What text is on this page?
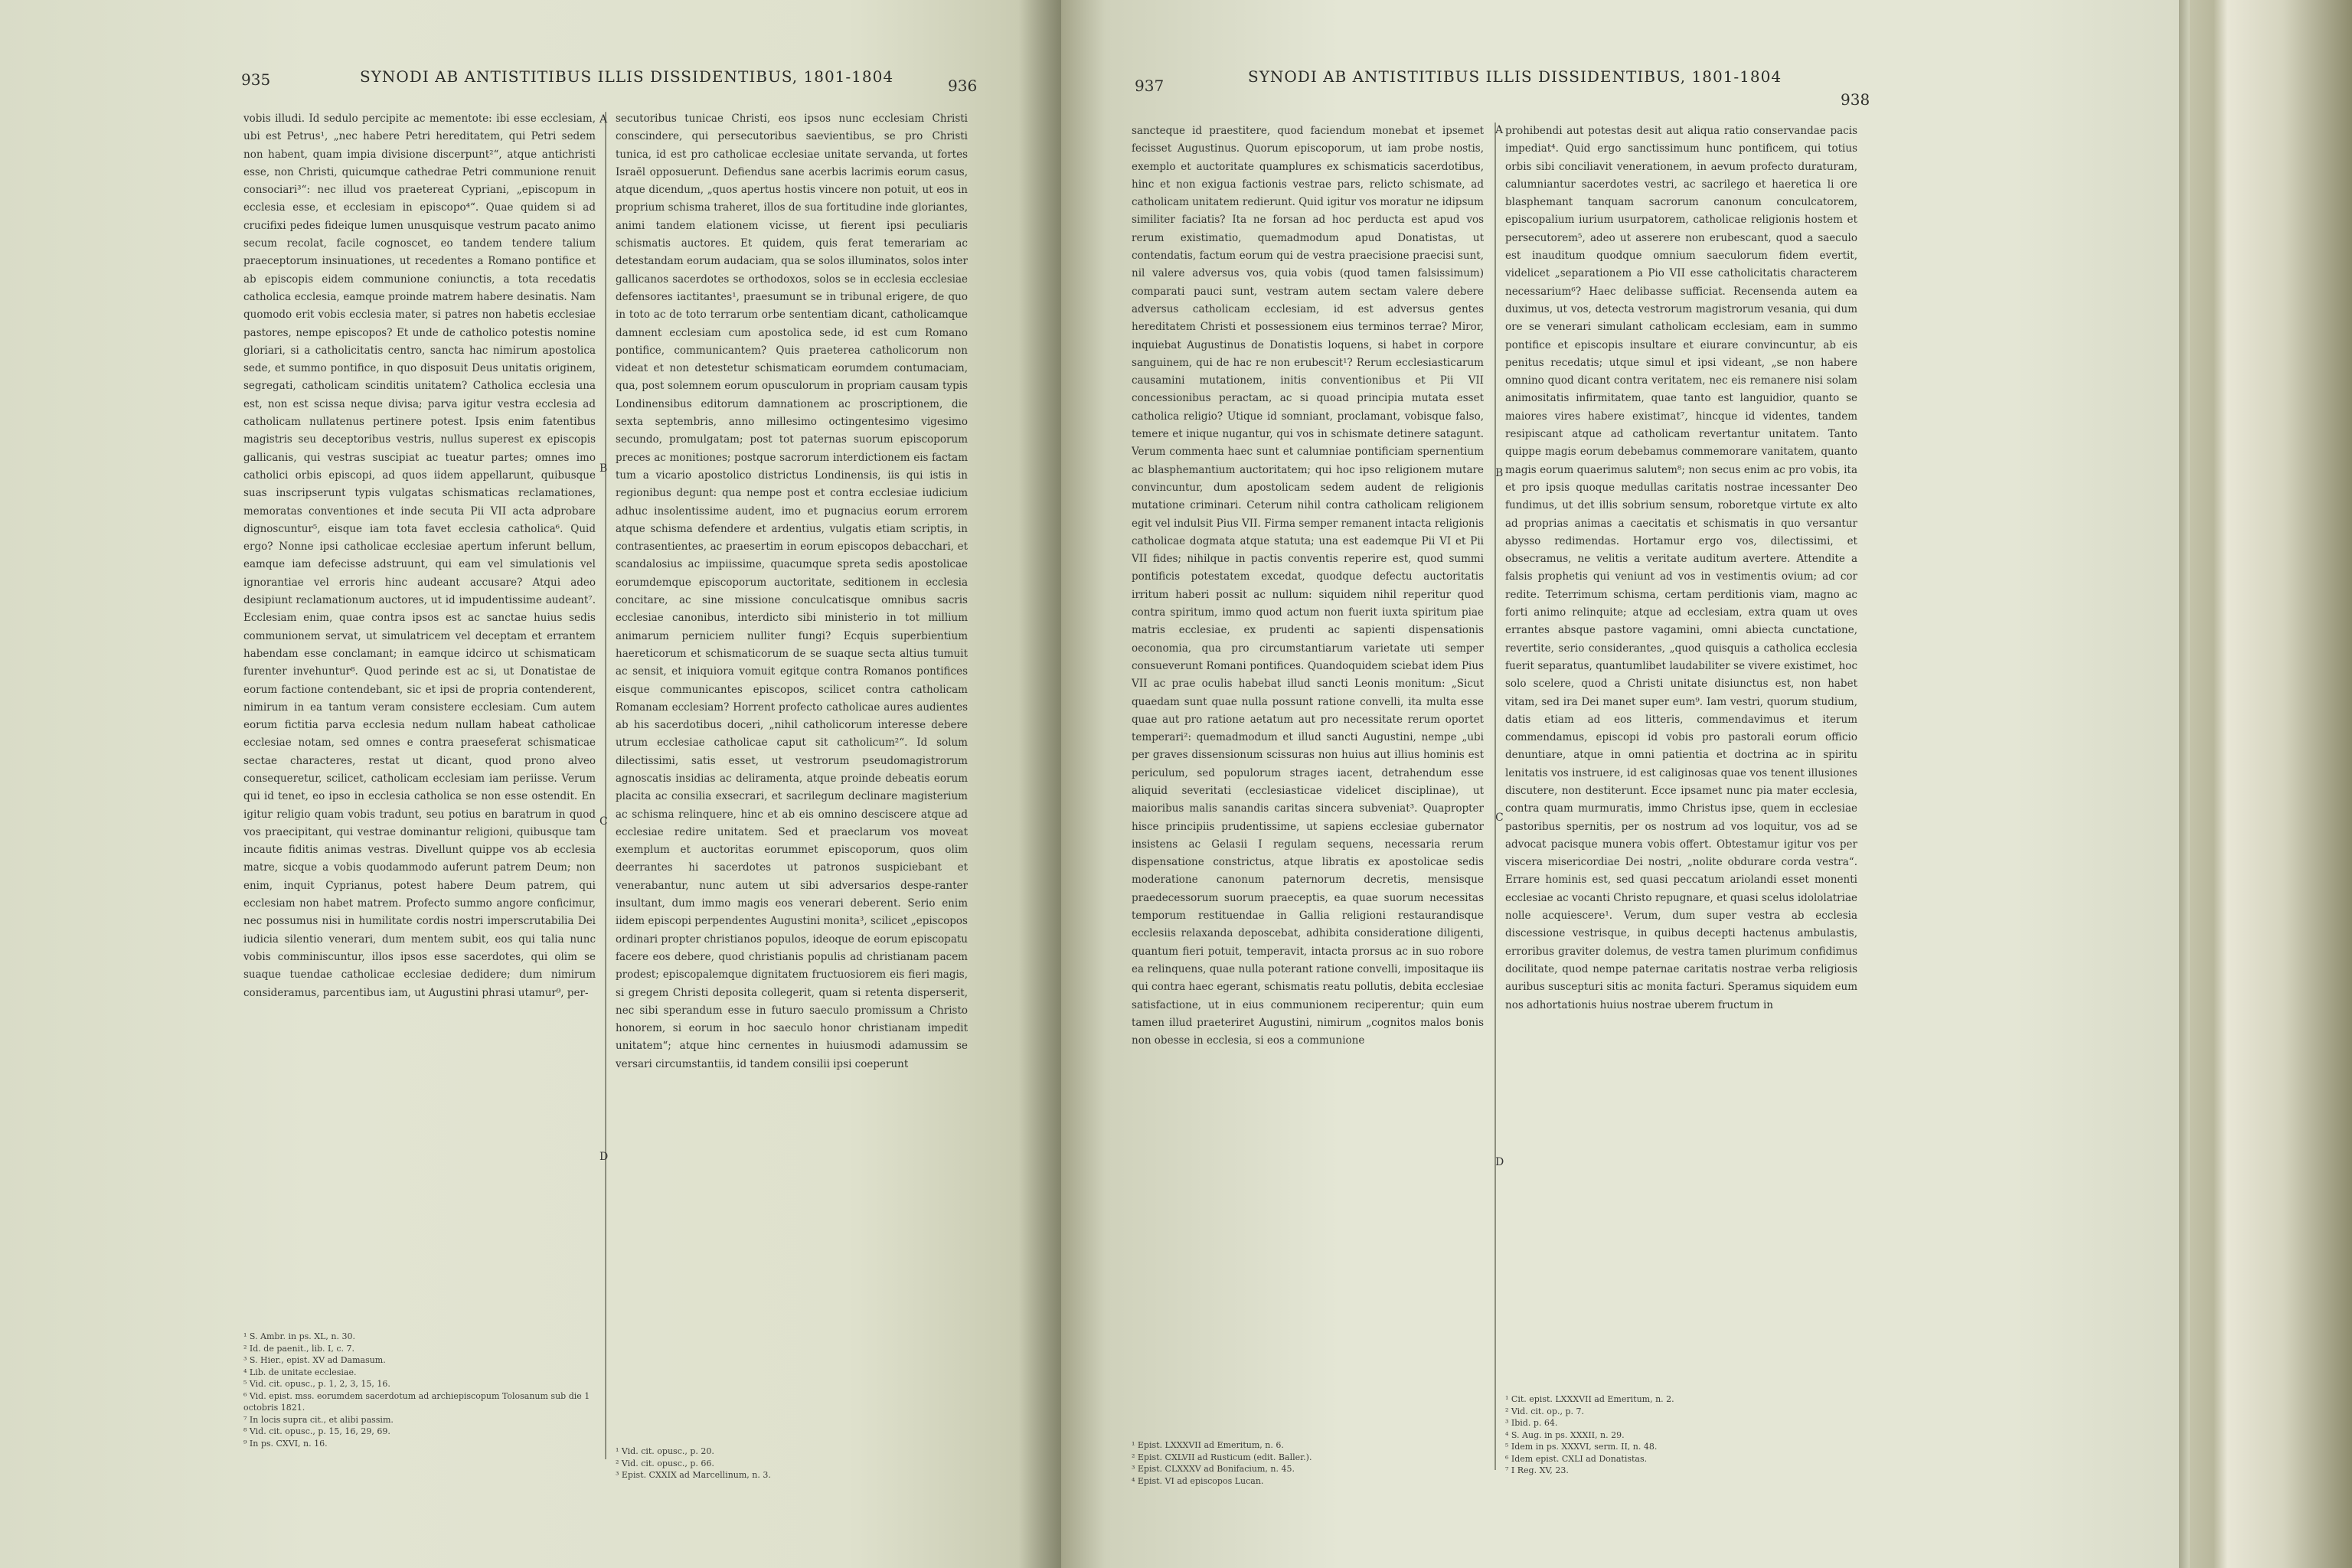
935	SYNODI AB ANTISTITIBUS ILLIS DISSIDENTIBUS, 1801-1804	936
vobis illudi. Id sedulo percipite ac mementote: ibi esse ecclesiam, ubi est Petrus¹, „nec habere Petri hereditatem, qui Petri sedem non habent, quam impia divisione discerpunt²“, atque antichristi esse, non Christi, quicumque cathedrae Petri communione renuit consociari³“: nec illud vos praetereat Cypriani, „episcopum in ecclesia esse, et ecclesiam in episcopo⁴“. Quae quidem si ad crucifixi pedes fideique lumen unusquisque vestrum pacato animo secum recolat, facile cognoscet, eo tandem tendere talium praeceptorum insinuationes, ut recedentes a Romano pontifice et ab episcopis eidem communione coniunctis, a tota recedatis catholica ecclesia, eamque proinde matrem habere desinatis. Nam quomodo erit vobis ecclesia mater, si patres non habetis ecclesiae pastores, nempe episcopos? Et unde de catholico potestis nomine gloriari, si a catholicitatis centro, sancta hac nimirum apostolica sede, et summo pontifice, in quo disposuit Deus unitatis originem, segregati, catholicam scinditis unitatem? Catholica ecclesia una est, non est scissa neque divisa; parva igitur vestra ecclesia ad catholicam nullatenus pertinere potest. Ipsis enim fatentibus magistris seu deceptoribus vestris, nullus superest ex episcopis gallicanis, qui vestras suscipiat ac tueatur partes; omnes imo catholici orbis episcopi, ad quos iidem appellarunt, quibusque suas inscripserunt typis vulgatas schismaticas reclamationes, memoratas conventiones et inde secuta Pii VII acta adprobare dignoscuntur⁵, eisque iam tota favet ecclesia catholica⁶. Quid ergo? Nonne ipsi catholicae ecclesiae apertum inferunt bellum, eamque iam defecisse adstruunt, qui eam vel simulationis vel ignorantiae vel erroris hinc audeant accusare? Atqui adeo desipiunt reclamationum auctores, ut id impudentissime audeant⁷. Ecclesiam enim, quae contra ipsos est ac sanctae huius sedis communionem servat, ut simulatricem vel deceptam et errantem habendam esse conclamant; in eamque idcirco ut schismaticam furenter invehuntur⁸. Quod perinde est ac si, ut Donatistae de eorum factione contendebant, sic et ipsi de propria contenderent, nimirum in ea tantum veram consistere ecclesiam. Cum autem eorum fictitia parva ecclesia nedum nullam habeat catholicae ecclesiae notam, sed omnes e contra praeseferat schismaticae sectae characteres, restat ut dicant, quod prono alveo consequeretur, scilicet, catholicam ecclesiam iam periisse. Verum qui id tenet, eo ipso in ecclesia catholica se non esse ostendit. En igitur religio quam vobis tradunt, seu potius en baratrum in quod vos praecipitant, qui vestrae dominantur religioni, quibusque tam incaute fiditis animas vestras. Divellunt quippe vos ab ecclesia matre, sicque a vobis quodammodo auferunt patrem Deum; non enim, inquit Cyprianus, potest habere Deum patrem, qui ecclesiam non habet matrem. Profecto summo angore conficimur, nec possumus nisi in humilitate cordis nostri imperscrutabilia Dei iudicia silentio venerari, dum mentem subit, eos qui talia nunc vobis comminiscuntur, illos ipsos esse sacerdotes, qui olim se suaque tuendae catholicae ecclesiae dedidere; dum nimirum consideramus, parcentibus iam, ut Augustini phrasi utamur⁹, per-
secutoribus tunicae Christi, eos ipsos nunc ecclesiam Christi conscindere, qui persecutoribus saevientibus, se pro Christi tunica, id est pro catholicae ecclesiae unitate servanda, ut fortes Israël opposuerunt. Defiendus sane acerbis lacrimis eorum casus, atque dicendum, „quos apertus hostis vincere non potuit, ut eos in proprium schisma traheret, illos de sua fortitudine inde gloriantes, animi tandem elationem vicisse, ut fierent ipsi peculiaris schismatis auctores. Et quidem, quis ferat temerariam ac detestandam eorum audaciam, qua se solos illuminatos, solos inter gallicanos sacerdotes se orthodoxos, solos se in ecclesia ecclesiae defensores iactitantes¹, praesumunt se in tribunal erigere, de quo in toto ac de toto terrarum orbe sententiam dicant, catholicamque damnent ecclesiam cum apostolica sede, id est cum Romano pontifice, communicantem? Quis praeterea catholicorum non videat et non detestetur schismaticam eorumdem contumaciam, qua, post solemnem eorum opusculorum in propriam causam typis Londinensibus editorum damnationem ac proscriptionem, die sexta septembris, anno millesimo octingentesimo vigesimo secundo, promulgatam; post tot paternas suorum episcoporum preces ac monitiones; postque sacrorum interdictionem eis factam tum a vicario apostolico districtus Londinensis, iis qui istis in regionibus degunt: qua nempe post et contra ecclesiae iudicium adhuc insolentissime audent, imo et pugnacius eorum errorem atque schisma defendere et ardentius, vulgatis etiam scriptis, in contrasentientes, ac praesertim in eorum episcopos debacchari, et scandalosius ac impiissime, quacumque spreta sedis apostolicae eorumdemque episcoporum auctoritate, seditionem in ecclesia concitare, ac sine missione conculcatisque omnibus sacris ecclesiae canonibus, interdicto sibi ministerio in tot millium animarum perniciem nulliter fungi? Ecquis superbientium haereticorum et schismaticorum de se suaque secta altius tumuit ac sensit, et iniquiora vomuit egitque contra Romanos pontifices eisque communicantes episcopos, scilicet contra catholicam Romanam ecclesiam? Horrent profecto catholicae aures audientes ab his sacerdotibus doceri, „nihil catholicorum interesse debere utrum ecclesiae catholicae caput sit catholicum²“. Id solum dilectissimi, satis esset, ut vestrorum pseudomagistrorum agnoscatis insidias ac deliramenta, atque proinde debeatis eorum placita ac consilia exsecrari, et sacrilegum declinare magisterium ac schisma relinquere, hinc et ab eis omnino desciscere atque ad ecclesiae redire unitatem. Sed et praeclarum vos moveat exemplum et auctoritas eorummet episcoporum, quos olim deerrantes hi sacerdotes ut patronos suspiciebant et venerabantur, nunc autem ut sibi adversarios despe-ranter insultant, dum immo magis eos venerari deberent. Serio enim iidem episcopi perpendentes Augustini monita³, scilicet „episcopos ordinari propter christianos populos, ideoque de eorum episcopatu facere eos debere, quod christianis populis ad christianam pacem prodest; episcopalemque dignitatem fructuosiorem eis fieri magis, si gregem Christi deposita collegerit, quam si retenta disperserit, nec sibi sperandum esse in futuro saeculo promissum a Christo honorem, si eorum in hoc saeculo honor christianam impedit unitatem“; atque hinc cernentes in huiusmodi adamussim se versari circumstantiis, id tandem consilii ipsi coeperunt
A
B
C
D
¹ S. Ambr. in ps. XL, n. 30.
² Id. de paenit., lib. I, c. 7.
³ S. Hier., epist. XV ad Damasum.
⁴ Lib. de unitate ecclesiae.
⁵ Vid. cit. opusc., p. 1, 2, 3, 15, 16.
⁶ Vid. epist. mss. eorumdem sacerdotum ad archiepiscopum Tolosanum sub die 1 octobris 1821.
⁷ In locis supra cit., et alibi passim.
⁸ Vid. cit. opusc., p. 15, 16, 29, 69.
⁹ In ps. CXVI, n. 16.
¹ Vid. cit. opusc., p. 20.
² Vid. cit. opusc., p. 66.
³ Epist. CXXIX ad Marcellinum, n. 3.
937	SYNODI AB ANTISTITIBUS ILLIS DISSIDENTIBUS, 1801-1804
938
sancteque id praestitere, quod faciendum monebat et ipsemet fecisset Augustinus. Quorum episcoporum, ut iam probe nostis, exemplo et auctoritate quamplures ex schismaticis sacerdotibus, hinc et non exigua factionis vestrae pars, relicto schismate, ad catholicam unitatem redierunt. Quid igitur vos moratur ne idipsum similiter faciatis? Ita ne forsan ad hoc perducta est apud vos rerum existimatio, quemadmodum apud Donatistas, ut contendatis, factum eorum qui de vestra praecisione praecisi sunt, nil valere adversus vos, quia vobis (quod tamen falsissimum) comparati pauci sunt, vestram autem sectam valere debere adversus catholicam ecclesiam, id est adversus gentes hereditatem Christi et possessionem eius terminos terrae? Miror, inquiebat Augustinus de Donatistis loquens, si habet in corpore sanguinem, qui de hac re non erubescit¹? Rerum ecclesiasticarum causamini mutationem, initis conventionibus et Pii VII concessionibus peractam, ac si quoad principia mutata esset catholica religio? Utique id somniant, proclamant, vobisque falso, temere et inique nugantur, qui vos in schismate detinere satagunt. Verum commenta haec sunt et calumniae pontificiam spernentium ac blasphemantium auctoritatem; qui hoc ipso religionem mutare convincuntur, dum apostolicam sedem audent de religionis mutatione criminari. Ceterum nihil contra catholicam religionem egit vel indulsit Pius VII. Firma semper remanent intacta religionis catholicae dogmata atque statuta; una est eademque Pii VI et Pii VII fides; nihilque in pactis conventis reperire est, quod summi pontificis potestatem excedat, quodque defectu auctoritatis irritum haberi possit ac nullum: siquidem nihil reperitur quod contra spiritum, immo quod actum non fuerit iuxta spiritum piae matris ecclesiae, ex prudenti ac sapienti dispensationis oeconomia, qua pro circumstantiarum varietate uti semper consueverunt Romani pontifices. Quandoquidem sciebat idem Pius VII ac prae oculis habebat illud sancti Leonis monitum: „Sicut quaedam sunt quae nulla possunt ratione convelli, ita multa esse quae aut pro ratione aetatum aut pro necessitate rerum oportet temperari²: quemadmodum et illud sancti Augustini, nempe „ubi per graves dissensionum scissuras non huius aut illius hominis est periculum, sed populorum strages iacent, detrahendum esse aliquid severitati (ecclesiasticae videlicet disciplinae), ut maioribus malis sanandis caritas sincera subveniat³. Quapropter hisce principiis prudentissime, ut sapiens ecclesiae gubernator insistens ac Gelasii I regulam sequens, necessaria rerum dispensatione constrictus, atque libratis ex apostolicae sedis moderatione canonum paternorum decretis, mensisque praedecessorum suorum praeceptis, ea quae suorum necessitas temporum restituendae in Gallia religioni restaurandisque ecclesiis relaxanda deposcebat, adhibita consideratione diligenti, quantum fieri potuit, temperavit, intacta prorsus ac in suo robore ea relinquens, quae nulla poterant ratione convelli, impositaque iis qui contra haec egerant, schismatis reatu pollutis, debita ecclesiae satisfactione, ut in eius communionem reciperentur; quin eum tamen illud praeteriret Augustini, nimirum „cognitos malos bonis non obesse in ecclesia, si eos a communione
prohibendi aut potestas desit aut aliqua ratio conservandae pacis impediat⁴. Quid ergo sanctissimum hunc pontificem, qui totius orbis sibi conciliavit venerationem, in aevum profecto duraturam, calumniantur sacerdotes vestri, ac sacrilego et haeretica li ore blasphemant tanquam sacrorum canonum conculcatorem, episcopalium iurium usurpatorem, catholicae religionis hostem et persecutorem⁵, adeo ut asserere non erubescant, quod a saeculo est inauditum quodque omnium saeculorum fidem evertit, videlicet „separationem a Pio VII esse catholicitatis characterem necessarium⁶? Haec delibasse sufficiat. Recensenda autem ea duximus, ut vos, detecta vestrorum magistrorum vesania, qui dum ore se venerari simulant catholicam ecclesiam, eam in summo pontifice et episcopis insultare et eiurare convincuntur, ab eis penitus recedatis; utque simul et ipsi videant, „se non habere omnino quod dicant contra veritatem, nec eis remanere nisi solam animositatis infirmitatem, quae tanto est languidior, quanto se maiores vires habere existimat⁷, hincque id videntes, tandem resipiscant atque ad catholicam revertantur unitatem. Tanto quippe magis eorum debebamus commemorare vanitatem, quanto magis eorum quaerimus salutem⁸; non secus enim ac pro vobis, ita et pro ipsis quoque medullas caritatis nostrae incessanter Deo fundimus, ut det illis sobrium sensum, roboretque virtute ex alto ad proprias animas a caecitatis et schismatis in quo versantur abysso redimendas. Hortamur ergo vos, dilectissimi, et obsecramus, ne velitis a veritate auditum avertere. Attendite a falsis prophetis qui veniunt ad vos in vestimentis ovium; ad cor redite. Teterrimum schisma, certam perditionis viam, magno ac forti animo relinquite; atque ad ecclesiam, extra quam ut oves errantes absque pastore vagamini, omni abiecta cunctatione, revertite, serio considerantes, „quod quisquis a catholica ecclesia fuerit separatus, quantumlibet laudabiliter se vivere existimet, hoc solo scelere, quod a Christi unitate disiunctus est, non habet vitam, sed ira Dei manet super eum⁹. Iam vestri, quorum studium, datis etiam ad eos litteris, commendavimus et iterum commendamus, episcopi id vobis pro pastorali eorum officio denuntiare, atque in omni patientia et doctrina ac in spiritu lenitatis vos instruere, id est caliginosas quae vos tenent illusiones discutere, non destiterunt. Ecce ipsamet nunc pia mater ecclesia, contra quam murmuratis, immo Christus ipse, quem in ecclesiae pastoribus spernitis, per os nostrum ad vos loquitur, vos ad se advocat pacisque munera vobis offert. Obtestamur igitur vos per viscera misericordiae Dei nostri, „nolite obdurare corda vestra“. Errare hominis est, sed quasi peccatum ariolandi esset monenti ecclesiae ac vocanti Christo repugnare, et quasi scelus idololatriae nolle acquiescere¹. Verum, dum super vestra ab ecclesia discessione vestrisque, in quibus decepti hactenus ambulastis, erroribus graviter dolemus, de vestra tamen plurimum confidimus docilitate, quod nempe paternae caritatis nostrae verba religiosis auribus suscepturi sitis ac monita facturi. Speramus siquidem eum nos adhortationis huius nostrae uberem fructum in
A
B
C
D
¹ Epist. LXXXVII ad Emeritum, n. 6.
² Epist. CXLVII ad Rusticum (edit. Baller.).
³ Epist. CLXXXV ad Bonifacium, n. 45.
⁴ Epist. VI ad episcopos Lucan.
¹ Cit. epist. LXXXVII ad Emeritum, n. 2.
² Vid. cit. op., p. 7.
³ Ibid. p. 64.
⁴ S. Aug. in ps. XXXII, n. 29.
⁵ Idem in ps. XXXVI, serm. II, n. 48.
⁶ Idem epist. CXLI ad Donatistas.
⁷ I Reg. XV, 23.
